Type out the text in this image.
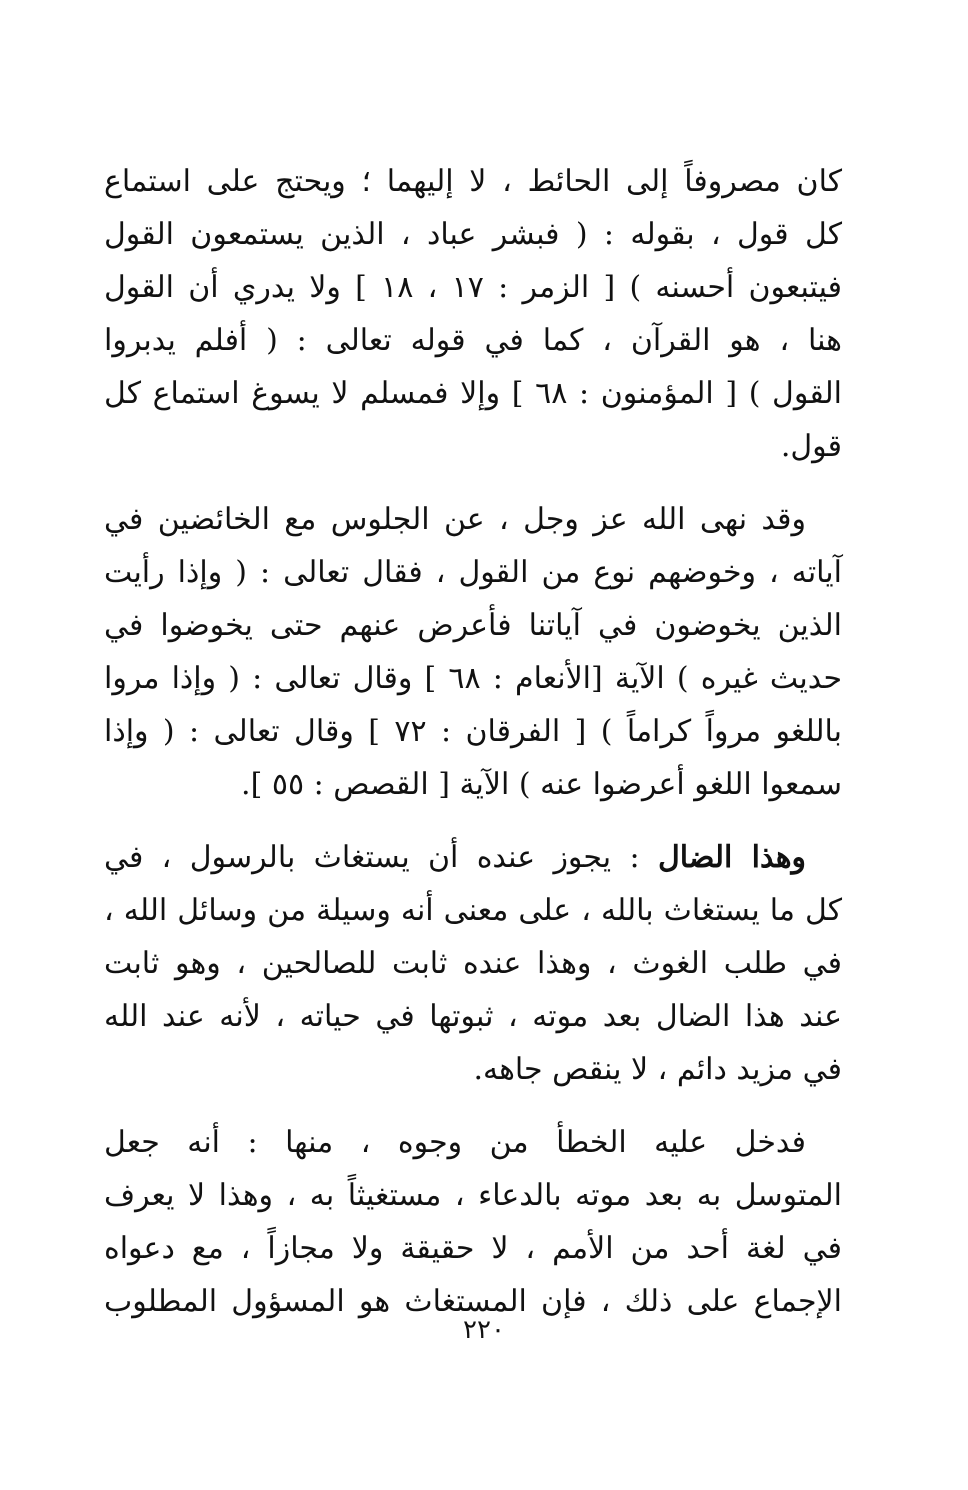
كان مصروفاً إلى الحائط ، لا إليهما ؛ ويحتج على استماع
كل قول ، بقوله : ( فبشر عباد ، الذين يستمعون القول
فيتبعون أحسنه ) [ الزمر : ١٧ ، ١٨ ] ولا يدري أن القول
هنا ، هو القرآن ، كما في قوله تعالى : ( أفلم يدبروا
القول ) [ المؤمنون : ٦٨ ] وإلا فمسلم لا يسوغ استماع كل
قول.

وقد نهى الله عز وجل ، عن الجلوس مع الخائضين في

آياته ، وخوضهم نوع من القول ، فقال تعالى : ( وإذا رأيت
الذين يخوضون في آياتنا فأعرض عنهم حتى يخوضوا في
حديث غيره ) الآية [الأنعام : ٦٨ ] وقال تعالى : ( وإذا مروا
باللغو مرواً كراماً ) [ الفرقان : ٧٢ ] وقال تعالى : ( وإذا
سمعوا اللغو أعرضوا عنه ) الآية [ القصص : ٥٥ ].

وهذا الضال : يجوز عنده أن يستغاث بالرسول ، في

كل ما يستغاث بالله ، على معنى أنه وسيلة من وسائل الله ،
في طلب الغوث ، وهذا عنده ثابت للصالحين ، وهو ثابت
عند هذا الضال بعد موته ، ثبوتها في حياته ، لأنه عند الله
في مزيد دائم ، لا ينقص جاهه.

فدخل عليه الخطأ من وجوه ، منها : أنه جعل

المتوسل به بعد موته بالدعاء ، مستغيثاً به ، وهذا لا يعرف
في لغة أحد من الأمم ، لا حقيقة ولا مجازاً ، مع دعواه
الإجماع على ذلك ، فإن المستغاث هو المسؤول المطلوب

٢٢٠
